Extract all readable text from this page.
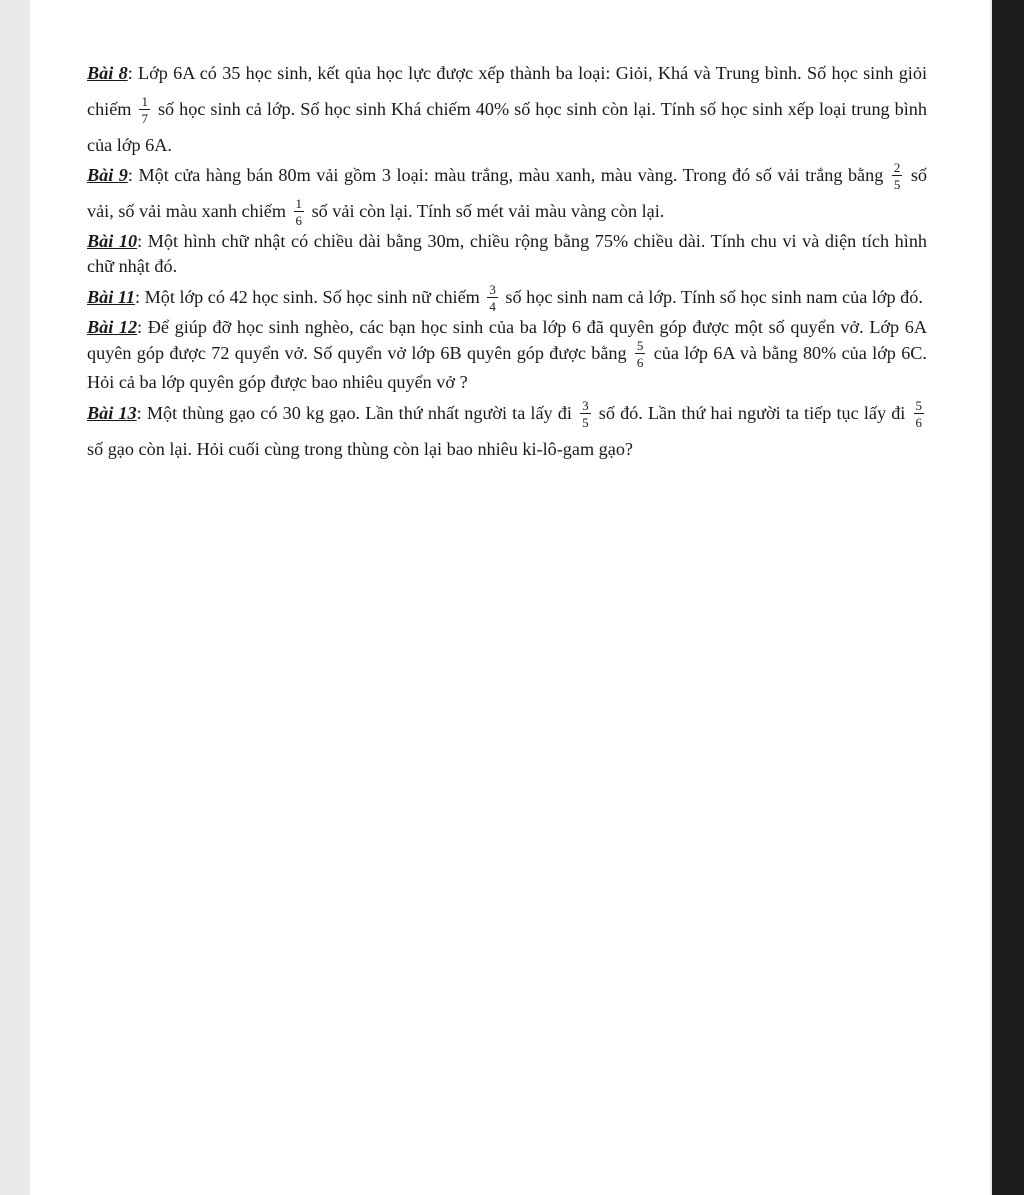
Bài 8: Lớp 6A có 35 học sinh, kết qủa học lực được xếp thành ba loại: Giỏi, Khá và Trung bình. Số học sinh giỏi chiếm $\frac{1}{7}$ số học sinh cả lớp. Số học sinh Khá chiếm 40% số học sinh còn lại. Tính số học sinh xếp loại trung bình của lớp 6A.

Bài 9: Một cửa hàng bán 80m vải gồm 3 loại: màu trắng, màu xanh, màu vàng. Trong đó số vải trắng bằng $\frac{2}{5}$ số vải, số vải màu xanh chiếm $\frac{1}{6}$ số vải còn lại. Tính số mét vải màu vàng còn lại.

Bài 10: Một hình chữ nhật có chiều dài bằng 30m, chiều rộng bằng 75% chiều dài. Tính chu vi và diện tích hình chữ nhật đó.

Bài 11: Một lớp có 42 học sinh. Số học sinh nữ chiếm $\frac{3}{4}$ số học sinh nam cả lớp. Tính số học sinh nam của lớp đó.

Bài 12: Để giúp đỡ học sinh nghèo, các bạn học sinh của ba lớp 6 đã quyên góp được một số quyển vở. Lớp 6A quyên góp được 72 quyển vở. Số quyển vở lớp 6B quyên góp được bằng $\frac{5}{6}$ của lớp 6A và bằng 80% của lớp 6C. Hỏi cả ba lớp quyên góp được bao nhiêu quyển vở ?

Bài 13: Một thùng gạo có 30 kg gạo. Lần thứ nhất người ta lấy đi $\frac{3}{5}$ số đó. Lần thứ hai người ta tiếp tục lấy đi $\frac{5}{6}$
số gạo còn lại. Hỏi cuối cùng trong thùng còn lại bao nhiêu ki-lô-gam gạo?
